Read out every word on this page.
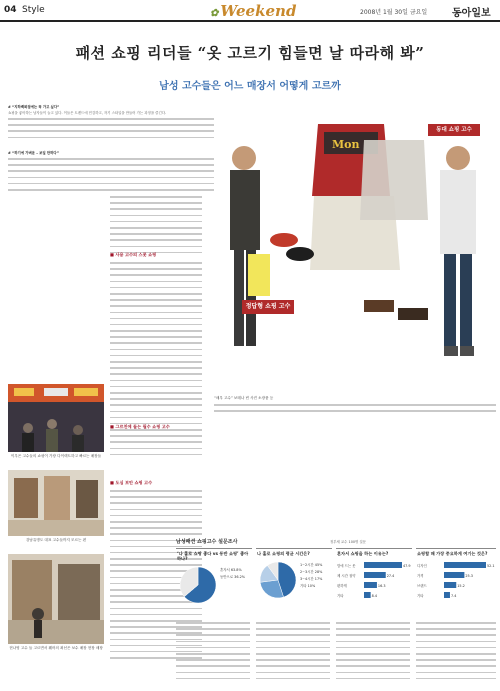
04 Style	✿ Weekend	2008년 1월 30일 금요일 동아일보
패션 쇼핑 리더들 “옷 고르기 힘들면 날 따라해 봐”
남성 고수들은 어느 매장서 어떻게 고르까
# “지하백화점에는 꼭 가고 싶다”
쇼핑을 좋아하는 남자들이 늘고 있다. 이들은 트렌드에 민감하고, 자기 스타일을 만들어 가는 과정을 즐긴다.
# “하기에 가벼운 – 보일 만하다”
■ 사용 고수의 스폿 쇼핑
이우은 고수들의 쇼핑이 가장 다이렉트하고 빠르는 매장들
강남유명도 대표 고수들까지 모르는 편
현나영 고수 들 고르면서 웨어의 최선은 보수 매장 현장 매장
Mon
정답형 쇼핑 고수
동대 쇼핑 고수
“매우 고수” 보테나 빈 사진 소장품 등
■ 도심 보안 쇼핑 고수
■ 그르친에 들는 필수 쇼핑 고수
남성패션 쇼핑고수 설문조사	정부세 교수 100명 설문
‘나 홀로 쇼핑 좋다 vs 동반 쇼핑’ 좋아하나?
혼자서 63.8%
동반으로 36.2%
나 홀로 쇼핑의 평균 시간은?
1~2시간 45%
2~3시간 28%
3~4시간 17%
기타 10%
혼자서 쇼핑을 하는 이유는?
맘에 드는 옷	47.9
제 시간 절약	27.4
편하게	16.3
기타	8.4
쇼핑할 때 가장 중요하게 여기는 것은?
디자인	52.1
가격	25.3
브랜드	15.2
기타	7.4
